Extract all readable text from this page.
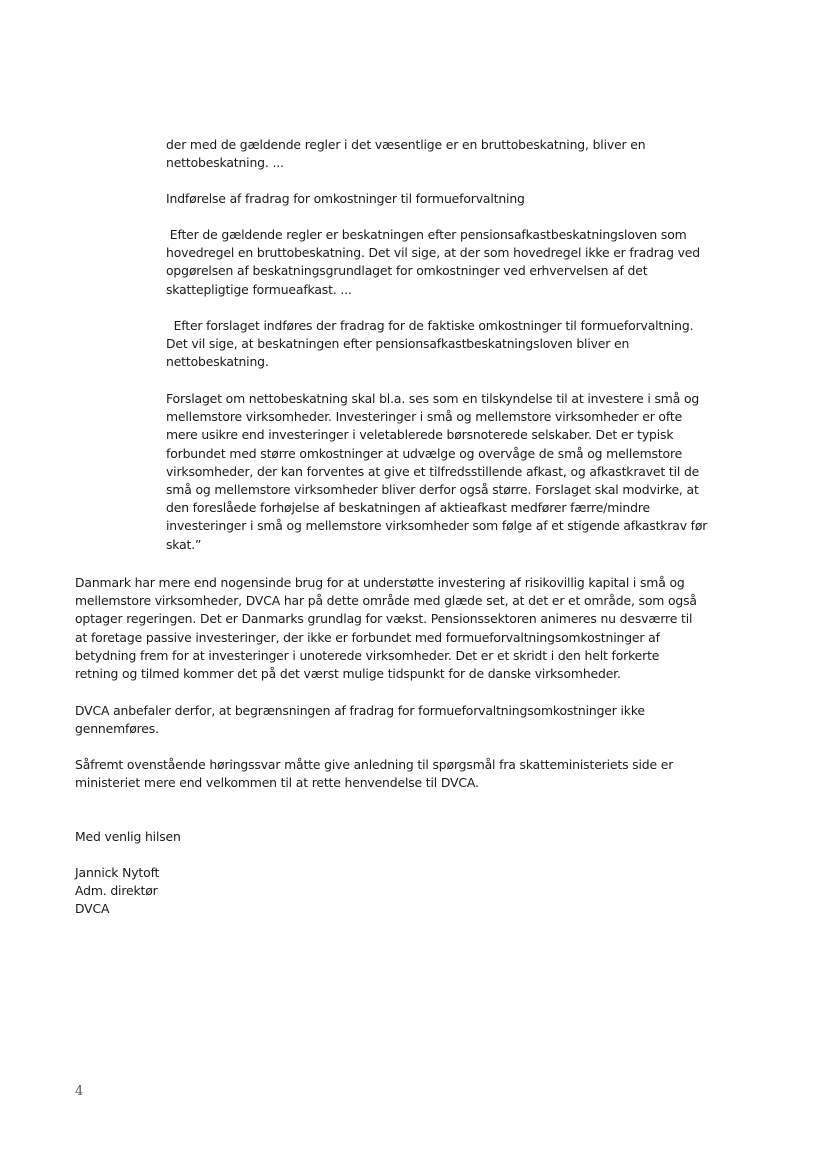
der med de gældende regler i det væsentlige er en bruttobeskatning, bliver en
nettobeskatning. ...
Indførelse af fradrag for omkostninger til formueforvaltning
Efter de gældende regler er beskatningen efter pensionsafkastbeskatningsloven som
hovedregel en bruttobeskatning. Det vil sige, at der som hovedregel ikke er fradrag ved
opgørelsen af beskatningsgrundlaget for omkostninger ved erhvervelsen af det
skattepligtige formueafkast. ...
Efter forslaget indføres der fradrag for de faktiske omkostninger til formueforvaltning.
Det vil sige, at beskatningen efter pensionsafkastbeskatningsloven bliver en
nettobeskatning.
Forslaget om nettobeskatning skal bl.a. ses som en tilskyndelse til at investere i små og
mellemstore virksomheder. Investeringer i små og mellemstore virksomheder er ofte
mere usikre end investeringer i veletablerede børsnoterede selskaber. Det er typisk
forbundet med større omkostninger at udvælge og overvåge de små og mellemstore
virksomheder, der kan forventes at give et tilfredsstillende afkast, og afkastkravet til de
små og mellemstore virksomheder bliver derfor også større. Forslaget skal modvirke, at
den foreslåede forhøjelse af beskatningen af aktieafkast medfører færre/mindre
investeringer i små og mellemstore virksomheder som følge af et stigende afkastkrav før
skat.”
Danmark har mere end nogensinde brug for at understøtte investering af risikovillig kapital i små og
mellemstore virksomheder, DVCA har på dette område med glæde set, at det er et område, som også
optager regeringen. Det er Danmarks grundlag for vækst. Pensionssektoren animeres nu desværre til
at foretage passive investeringer, der ikke er forbundet med formueforvaltningsomkostninger af
betydning frem for at investeringer i unoterede virksomheder. Det er et skridt i den helt forkerte
retning og tilmed kommer det på det værst mulige tidspunkt for de danske virksomheder.
DVCA anbefaler derfor, at begrænsningen af fradrag for formueforvaltningsomkostninger ikke
gennemføres.
Såfremt ovenstående høringssvar måtte give anledning til spørgsmål fra skatteministeriets side er
ministeriet mere end velkommen til at rette henvendelse til DVCA.
Med venlig hilsen
Jannick Nytoft
Adm. direktør
DVCA
4
